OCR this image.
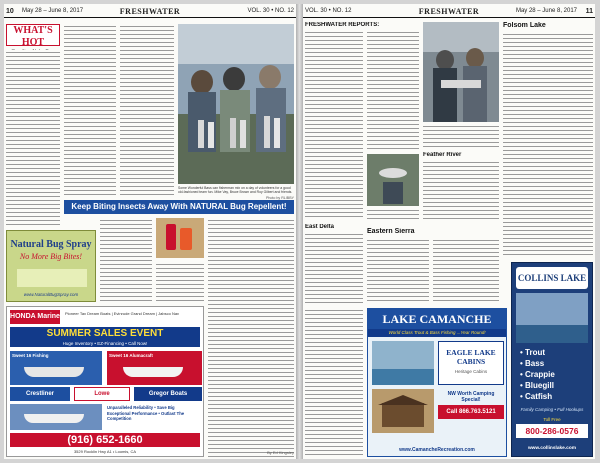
10 May 28 – June 8, 2017	FRESHWATER	VOL. 30 • NO. 12
WHAT'S HOT
Some Wonderful Bass can fisherman mix on a day of volunteers for a good old-fashioned team fun. Mike Vay, Bruce Brown and Roy Gilbert and friends.
Photo by RLIBBY
Keep Biting Insects Away With NATURAL Bug Repellent!
Natural Bug Spray
No More Big Bites!
www.NaturalBugSpray.com
HONDA Marine Pioneer Tax Dream Boats | Evinrude Grand Dream | Jabsco Nav
SUMMER SALES EVENT
Huge Inventory • EZ-Financing • Call Now!
Sweet 16 Fishing	Sweet 16 Alumacraft
Crestliner	Lowe	Gregor Boats
Unparalleled Reliability • Save Big
Exceptional Performance • Outlast The Competition
(916) 652-1660
3529 Rocklin Hwy A1 • Loomis, CA	By Ed Kingsley
VOL. 30 • NO. 12	FRESHWATER	May 28 – June 8, 2017 11
FRESHWATER REPORTS:	Folsom Lake
Feather River
East Delta
Eastern Sierra
LAKE CAMANCHE
World Class Trout & Bass Fishing ...Year Round!
EAGLE LAKE CABINS
Heritage Cabins
NW Worth Camping Special!
Call 866.763.5121
www.CamancheRecreation.com
COLLINS LAKE
• Trout
• Bass
• Crappie
• Bluegill
• Catfish
Family Camping • Full Hookups
Toll Free
800-286-0576
www.collinslake.com
